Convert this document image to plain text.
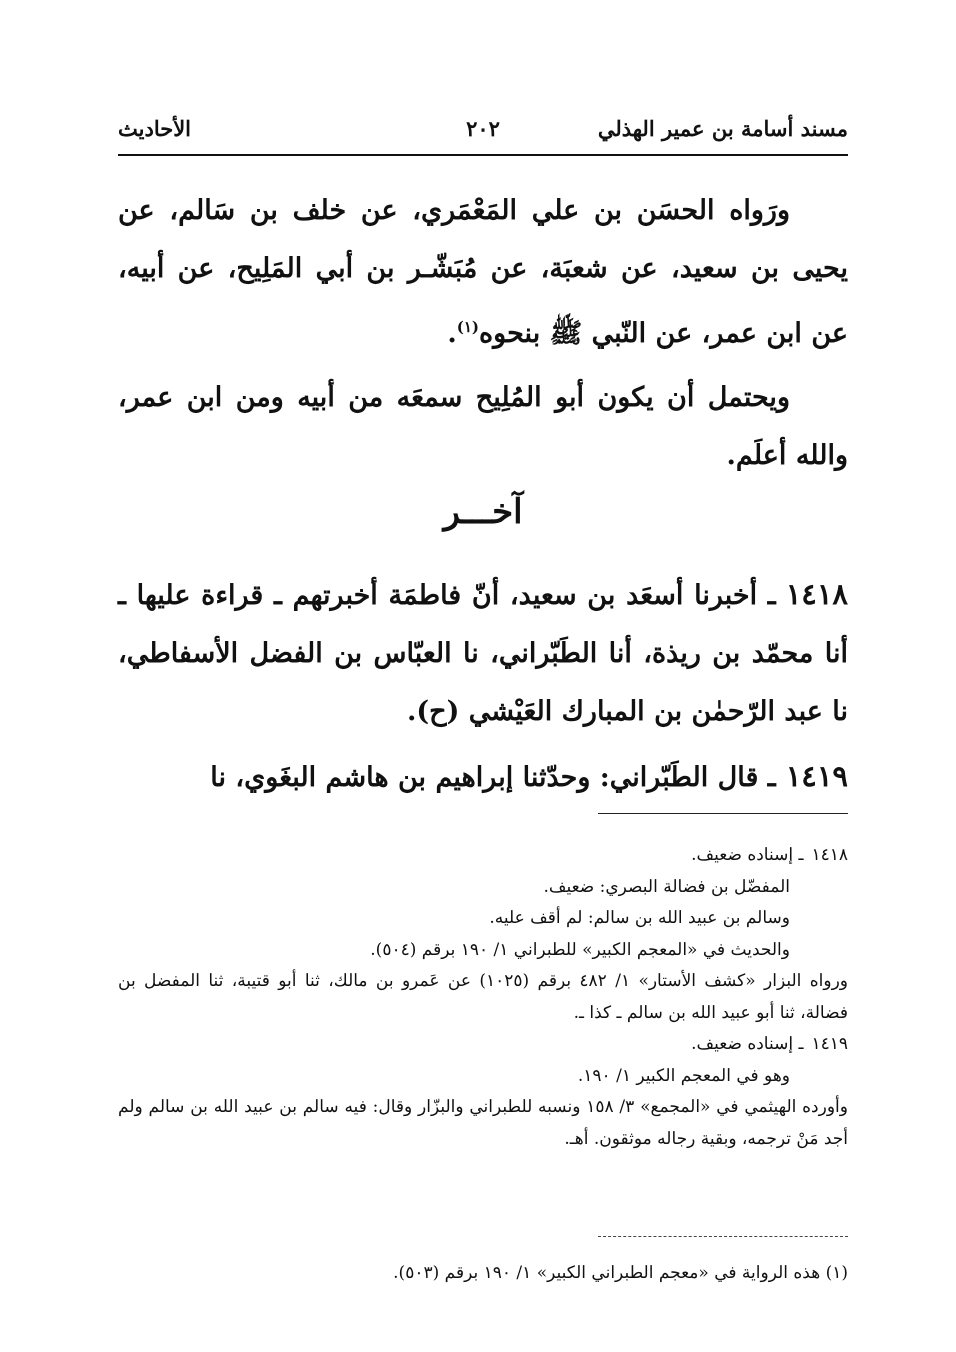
مسند أسامة بن عمير الهذلي
٢٠٢
الأحاديث

ورَواه الحسَن بن علي المَعْمَري، عن خلف بن سَالم، عن يحيى بن سعيد، عن شعبَة، عن مُبَشّـر بن أبي المَلِيح، عن أبيه، عن ابن عمر، عن النّبي ﷺ بنحوه$^{(١)}$.

ويحتمل أن يكون أبو المُلِيح سمعَه من أبيه ومن ابن عمر، والله أعلَم.

آخـــر

١٤١٨ـ أخبرنا أسعَد بن سعيد، أنّ فاطمَة أخبرتهم ـ قراءة عليها ـ أنا محمّد بن ريذة، أنا الطَبّراني، نا العبّاس بن الفضل الأسفاطي، نا عبد الرّحمٰن بن المبارك العَيْشي (ح).

١٤١٩ـ قال الطَبّراني: وحدّثنا إبراهيم بن هاشم البغَوي، نا

١٤١٨ـ إسناده ضعيف.

المفضّل بن فضالة البصري: ضعيف.

وسالم بن عبيد الله بن سالم: لم أقف عليه.

والحديث في «المعجم الكبير» للطبراني ١/ ١٩٠ برقم (٥٠٤).

ورواه البزار «كشف الأستار» ١/ ٤٨٢ برقم (١٠٢٥) عن عَمرو بن مالك، ثنا أبو قتيبة، ثنا المفضل بن فضالة، ثنا أبو عبيد الله بن سالم ـ كذا ـ.

١٤١٩ـ إسناده ضعيف.

وهو في المعجم الكبير ١/ ١٩٠.

وأورده الهيثمي في «المجمع» ٣/ ١٥٨ ونسبه للطبراني والبزّار وقال: فيه سالم بن عبيد الله بن سالم ولم أجد مَنْ ترجمه، وبقية رجاله موثقون. أهـ.

(١) هذه الرواية في «معجم الطبراني الكبير» ١/ ١٩٠ برقم (٥٠٣).
